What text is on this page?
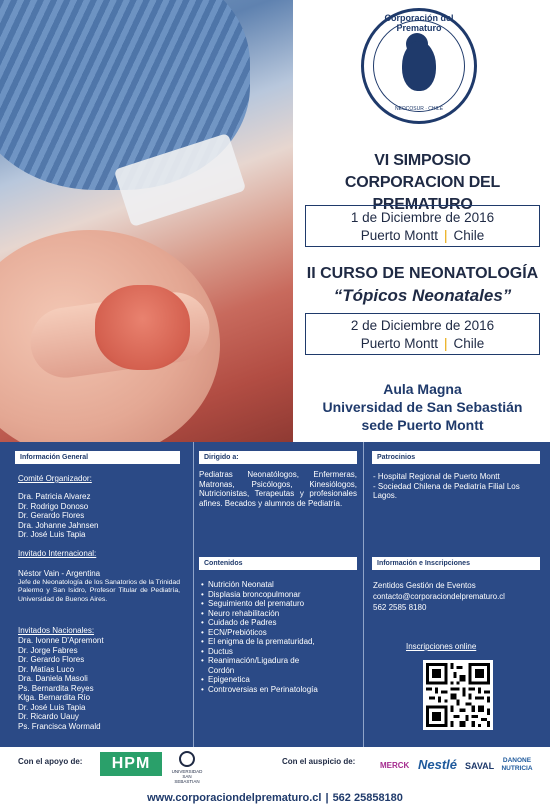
Corporación del Prematuro
NEOCOSUR · CHILE
VI SIMPOSIO
CORPORACION DEL PREMATURO
1 de Diciembre de 2016
Puerto Montt | Chile
II CURSO DE NEONATOLOGÍA
“Tópicos Neonatales”
2 de Diciembre de 2016
Puerto Montt | Chile
Aula Magna
Universidad de San Sebastián
sede Puerto Montt
Información General
Comité Organizador:
Dra. Patricia Alvarez
Dr. Rodrigo Donoso
Dr. Gerardo Flores
Dra. Johanne Jahnsen
Dr. José Luis Tapia
Invitado Internacional:
Néstor Vain - Argentina
Jefe de Neonatología de los Sanatorios de la Trinidad Palermo y San Isidro, Profesor Titular de Pediatría, Universidad de Buenos Aires.
Invitados Nacionales:
Dra. Ivonne D'Apremont
Dr. Jorge Fabres
Dr. Gerardo Flores
Dr. Matías Luco
Dra. Daniela Masoli
Ps. Bernardita Reyes
Klga. Bernardita Río
Dr. José Luis Tapia
Dr. Ricardo Uauy
Ps. Francisca Wormald
Dirigido a:
Pediatras Neonatólogos, Enfermeras, Matronas, Psicólogos, Kinesiólogos, Nutricionistas, Terapeutas y profesionales afines. Becados y alumnos de Pediatría.
Contenidos
• Nutrición Neonatal
• Displasia broncopulmonar
• Seguimiento del prematuro
• Neuro rehabilitación
• Cuidado de Padres
• ECN/Prebióticos
• El enigma de la prematuridad,
• Ductus
• Reanimación/Ligadura de Cordón
• Epigenetica
• Controversias en Perinatología
Patrocinios
- Hospital Regional de Puerto Montt
- Sociedad Chilena de Pediatría Filial Los Lagos.
Información e Inscripciones
Zentidos Gestión de Eventos
contacto@corporaciondelprematuro.cl
562 2585 8180
Inscripciones online
Con el apoyo de:	HPM	UNIVERSIDAD SAN SEBASTIAN
Con el auspicio de:	MERCK Nestlé SAVAL
DANONE NUTRICIA
www.corporaciondelprematuro.cl | 562 25858180
